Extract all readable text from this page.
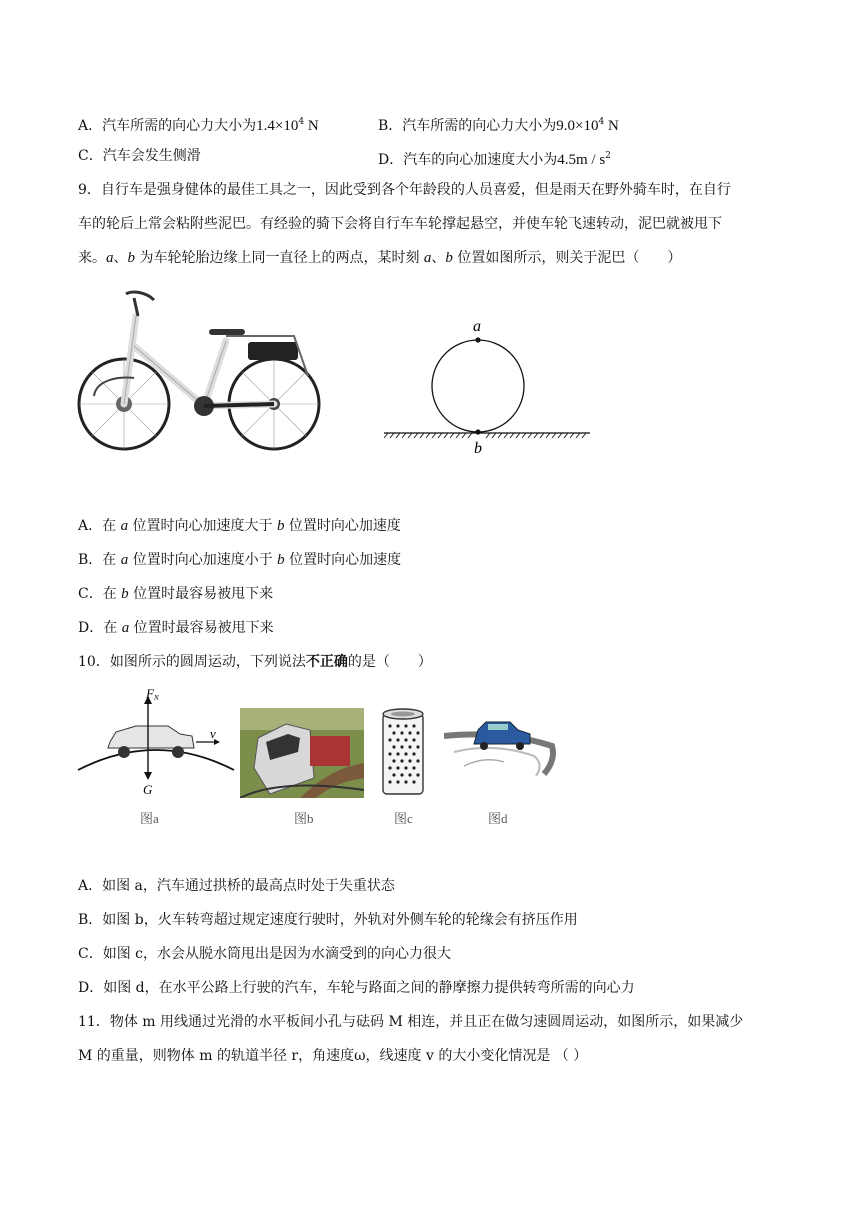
A．汽车所需的向心力大小为$1.4\times 10^4$ N	B．汽车所需的向心力大小为$9.0\times 10^4$ N
C．汽车会发生侧滑	D．汽车的向心加速度大小为$4.5m / s^2$
9．自行车是强身健体的最佳工具之一，因此受到各个年龄段的人员喜爱，但是雨天在野外骑车时，在自行
车的轮后上常会粘附些泥巴。有经验的骑下会将自行车车轮撑起悬空，并使车轮飞速转动，泥巴就被甩下
来。a、b 为车轮轮胎边缘上同一直径上的两点，某时刻 a、b 位置如图所示，则关于泥巴（　　）
a
b
A．在 a 位置时向心加速度大于 b 位置时向心加速度
B．在 a 位置时向心加速度小于 b 位置时向心加速度
C．在 b 位置时最容易被甩下来
D．在 a 位置时最容易被甩下来
10．如图所示的圆周运动，下列说法不正确的是（　　）
F N
v
G
图a	图b	图c	图d
A．如图 a，汽车通过拱桥的最高点时处于失重状态
B．如图 b，火车转弯超过规定速度行驶时，外轨对外侧车轮的轮缘会有挤压作用
C．如图 c，水会从脱水筒甩出是因为水滴受到的向心力很大
D．如图 d，在水平公路上行驶的汽车，车轮与路面之间的静摩擦力提供转弯所需的向心力
11．物体 m 用线通过光滑的水平板间小孔与砝码 M 相连，并且正在做匀速圆周运动，如图所示，如果减少
M 的重量，则物体 m 的轨道半径 r，角速度ω，线速度 v 的大小变化情况是 （ ）
